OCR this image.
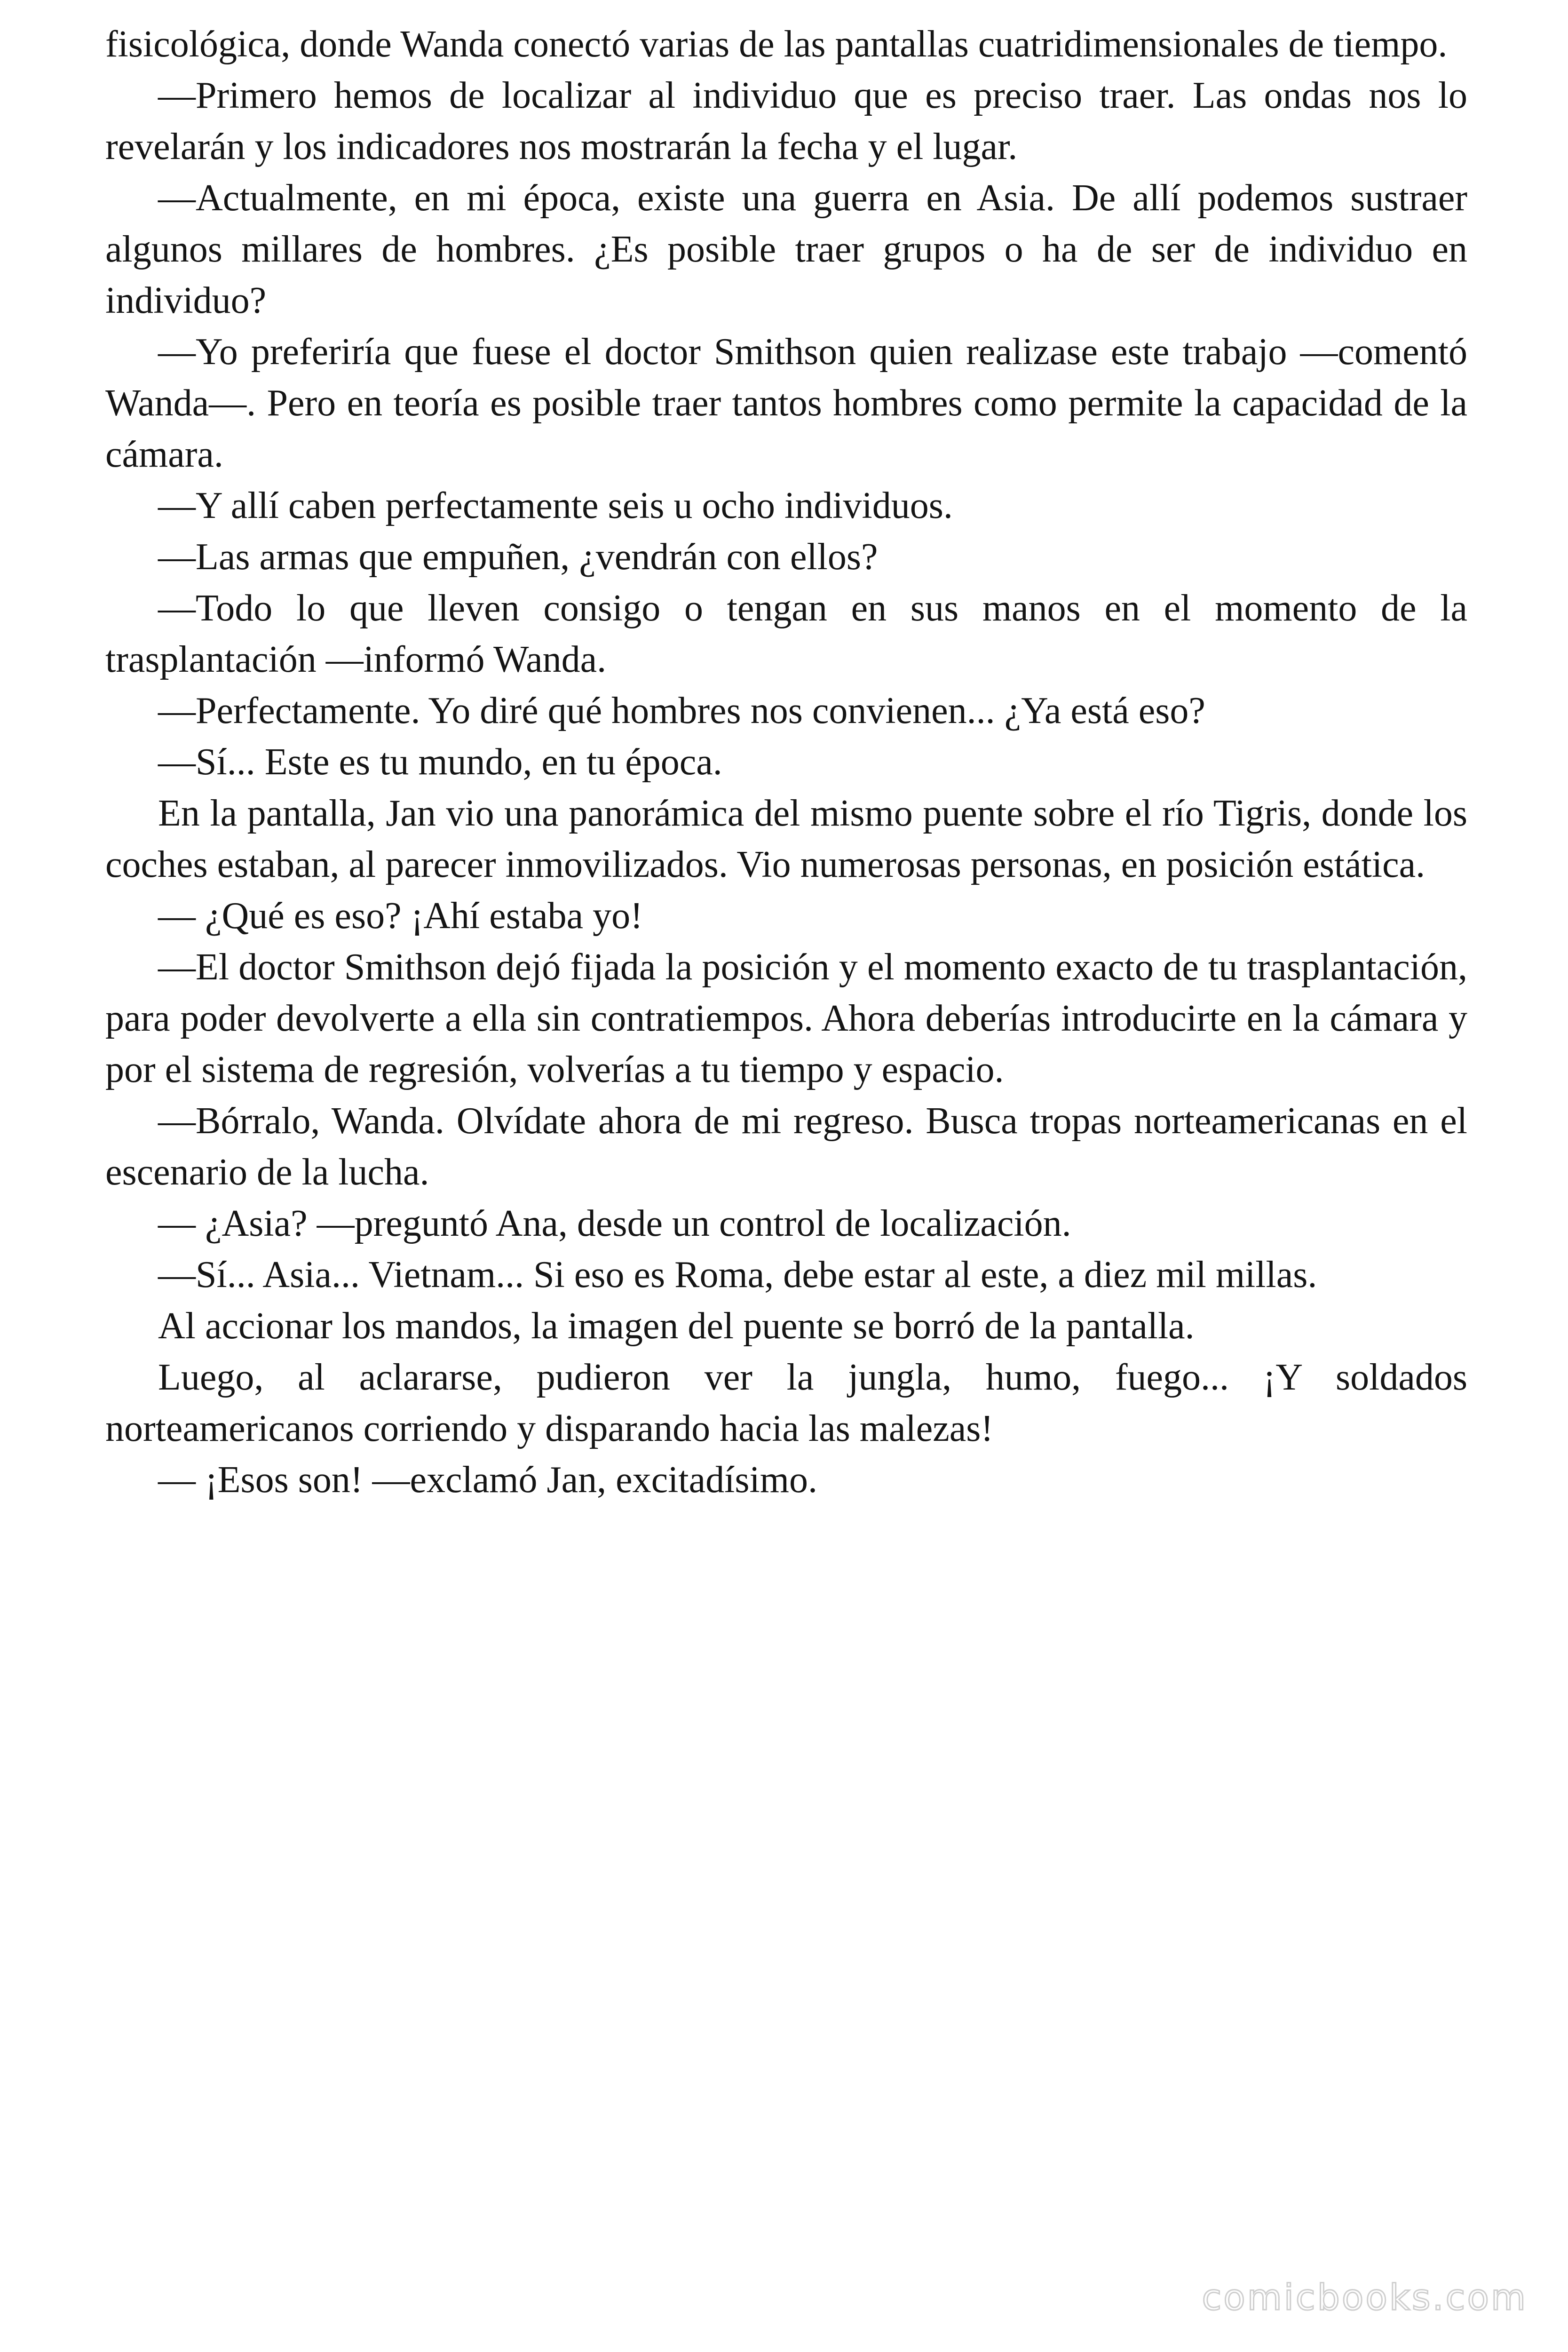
fisicológica, donde Wanda conectó varias de las pantallas cuatridimensionales de tiempo.

—Primero hemos de localizar al individuo que es preciso traer. Las ondas nos lo revelarán y los indicadores nos mostrarán la fecha y el lugar.

—Actualmente, en mi época, existe una guerra en Asia. De allí podemos sustraer algunos millares de hombres. ¿Es posible traer grupos o ha de ser de individuo en individuo?

—Yo preferiría que fuese el doctor Smithson quien realizase este trabajo —comentó Wanda—. Pero en teoría es posible traer tantos hombres como permite la capacidad de la cámara.

—Y allí caben perfectamente seis u ocho individuos.

—Las armas que empuñen, ¿vendrán con ellos?

—Todo lo que lleven consigo o tengan en sus manos en el momento de la trasplantación —informó Wanda.

—Perfectamente. Yo diré qué hombres nos convienen... ¿Ya está eso?

—Sí... Este es tu mundo, en tu época.

En la pantalla, Jan vio una panorámica del mismo puente sobre el río Tigris, donde los coches estaban, al parecer inmovilizados. Vio numerosas personas, en posición estática.

— ¿Qué es eso? ¡Ahí estaba yo!

—El doctor Smithson dejó fijada la posición y el momento exacto de tu trasplantación, para poder devolverte a ella sin contratiempos. Ahora deberías introducirte en la cámara y por el sistema de regresión, volverías a tu tiempo y espacio.

—Bórralo, Wanda. Olvídate ahora de mi regreso. Busca tropas norteamericanas en el escenario de la lucha.

— ¿Asia? —preguntó Ana, desde un control de localización.

—Sí... Asia... Vietnam... Si eso es Roma, debe estar al este, a diez mil millas.

Al accionar los mandos, la imagen del puente se borró de la pantalla.

Luego, al aclararse, pudieron ver la jungla, humo, fuego... ¡Y soldados norteamericanos corriendo y disparando hacia las malezas!

— ¡Esos son! —exclamó Jan, excitadísimo.

comicbooks.com
